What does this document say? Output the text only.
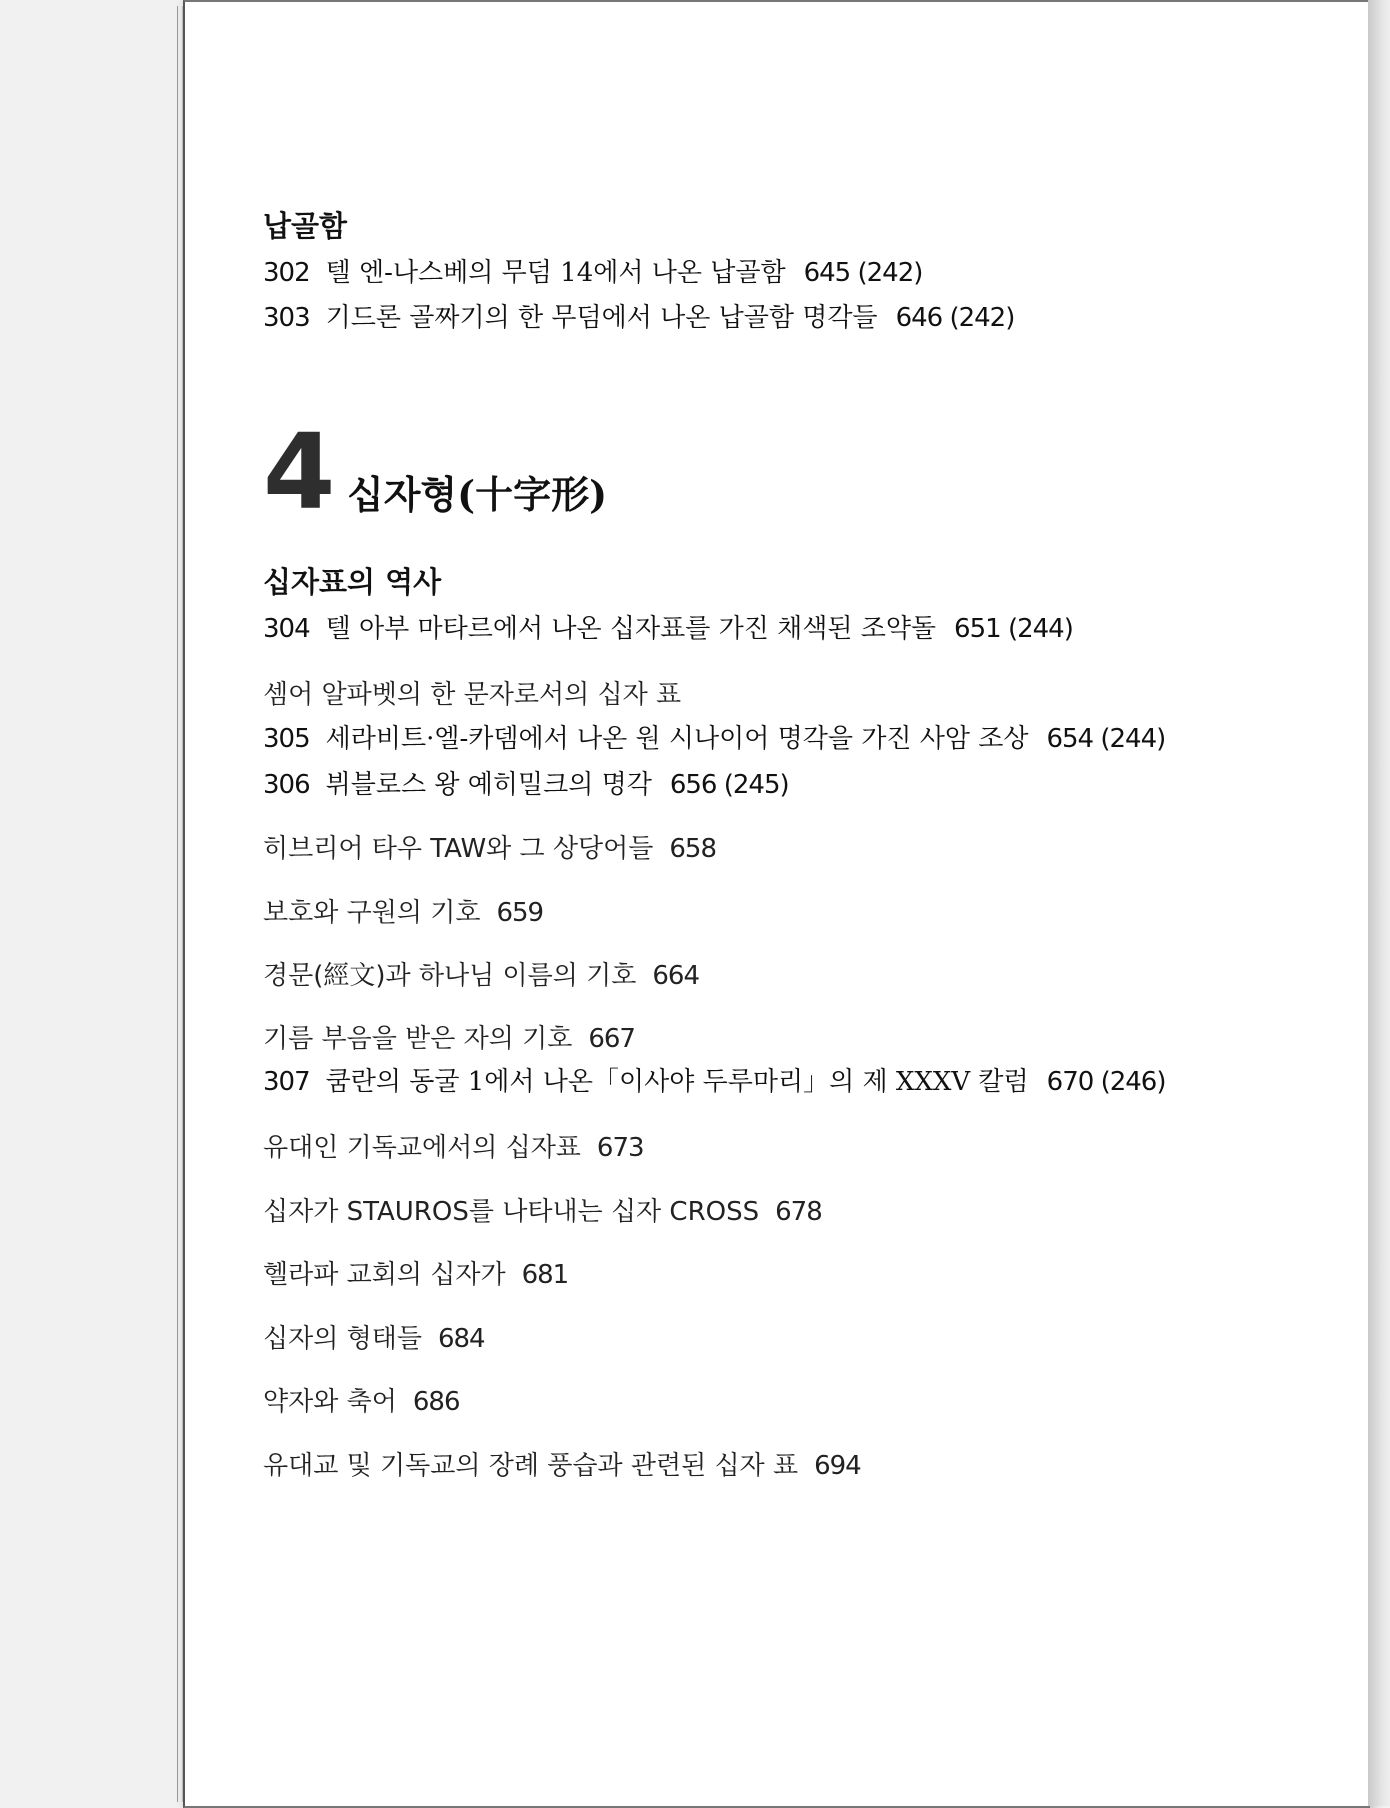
납골함
302 텔 엔-나스베의 무덤 14에서 나온 납골함 645 (242)
303 기드론 골짜기의 한 무덤에서 나온 납골함 명각들 646 (242)
십자표의 역사
304 텔 아부 마타르에서 나온 십자표를 가진 채색된 조약돌 651 (244)
셈어 알파벳의 한 문자로서의 십자 표
305 세라비트·엘-카뎀에서 나온 원 시나이어 명각을 가진 사암 조상 654 (244)
306 뷔블로스 왕 예히밀크의 명각 656 (245)
히브리어 타우 TAW와 그 상당어들 658
보호와 구원의 기호 659
경문(經文)과 하나님 이름의 기호 664
기름 부음을 받은 자의 기호 667
307 쿰란의 동굴 1에서 나온「이사야 두루마리」의 제 XXXV 칼럼 670 (246)
유대인 기독교에서의 십자표 673
십자가 STAUROS를 나타내는 십자 CROSS 678
헬라파 교회의 십자가 681
십자의 형태들 684
약자와 축어 686
유대교 및 기독교의 장례 풍습과 관련된 십자 표 694
4 십자형(十字形)
